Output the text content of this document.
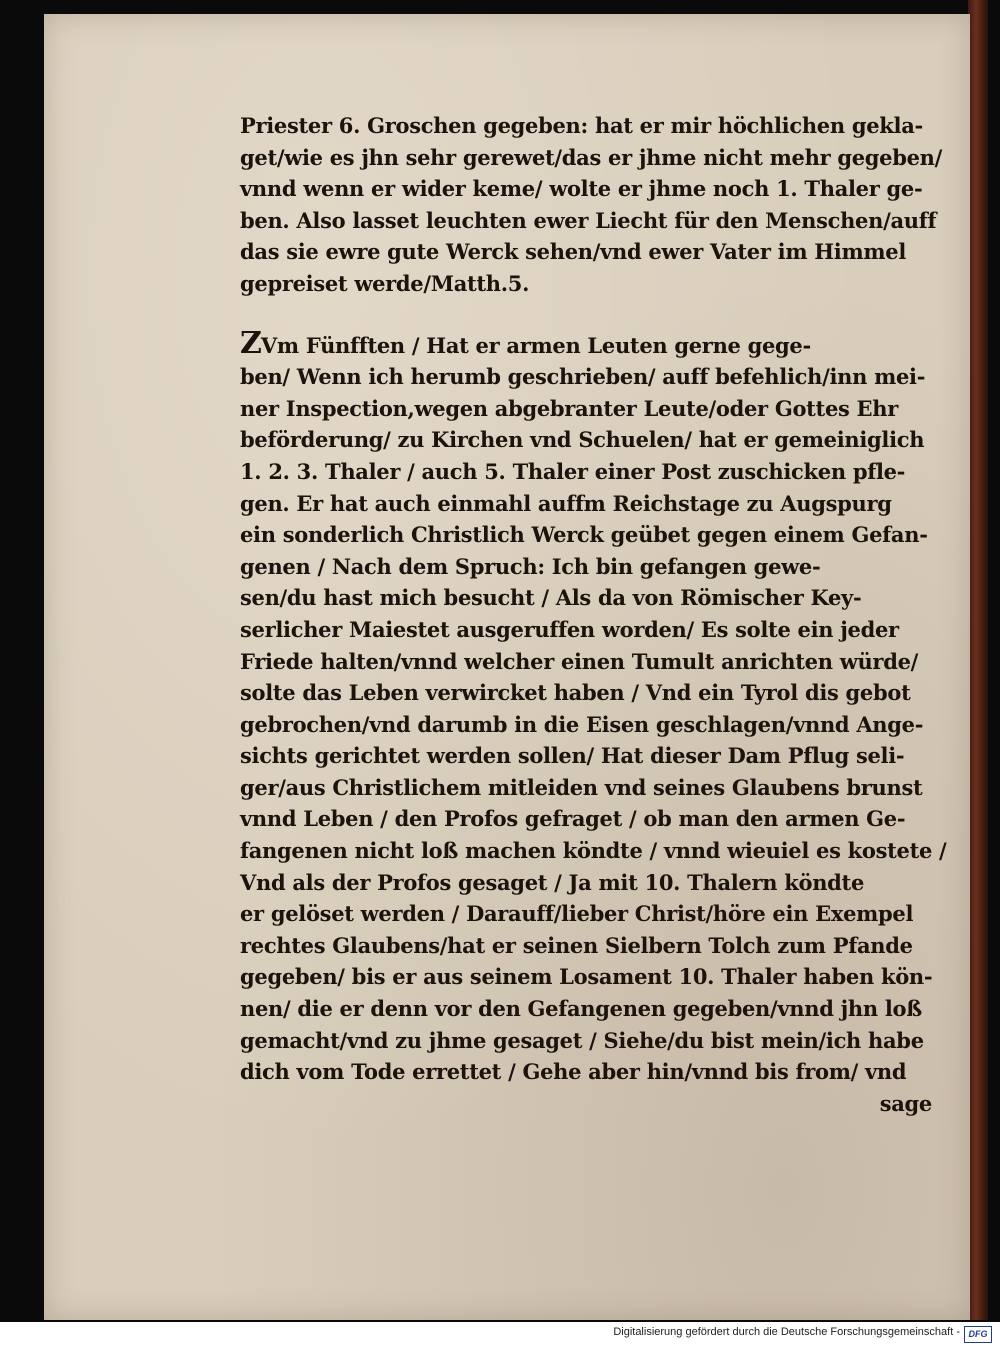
Priester 6. Groschen gegeben: hat er mir höchlichen gekla-
get/wie es jhn sehr gerewet/das er jhme nicht mehr gegeben/
vnnd wenn er wider keme/ wolte er jhme noch 1. Thaler ge-
ben. Also lasset leuchten ewer Liecht für den Menschen/auff
das sie ewre gute Werck sehen/vnd ewer Vater im Himmel
gepreiset werde/Matth.5.
ZVm Fünfften / Hat er armen Leuten gerne gege-
ben/ Wenn ich herumb geschrieben/ auff befehlich/inn mei-
ner Inspection,wegen abgebranter Leute/oder Gottes Ehr
beförderung/ zu Kirchen vnd Schuelen/ hat er gemeiniglich
1. 2. 3. Thaler / auch 5. Thaler einer Post zuschicken pfle-
gen. Er hat auch einmahl auffm Reichstage zu Augspurg
ein sonderlich Christlich Werck geübet gegen einem Gefan-
genen / Nach dem Spruch: Ich bin gefangen gewe-
sen/du hast mich besucht / Als da von Römischer Key-
serlicher Maiestet ausgeruffen worden/ Es solte ein jeder
Friede halten/vnnd welcher einen Tumult anrichten würde/
solte das Leben verwircket haben / Vnd ein Tyrol dis gebot
gebrochen/vnd darumb in die Eisen geschlagen/vnnd Ange-
sichts gerichtet werden sollen/ Hat dieser Dam Pflug seli-
ger/aus Christlichem mitleiden vnd seines Glaubens brunst
vnnd Leben / den Profos gefraget / ob man den armen Ge-
fangenen nicht loß machen köndte / vnnd wieuiel es kostete /
Vnd als der Profos gesaget / Ja mit 10. Thalern köndte
er gelöset werden / Darauff/lieber Christ/höre ein Exempel
rechtes Glaubens/hat er seinen Sielbern Tolch zum Pfande
gegeben/ bis er aus seinem Losament 10. Thaler haben kön-
nen/ die er denn vor den Gefangenen gegeben/vnnd jhn loß
gemacht/vnd zu jhme gesaget / Siehe/du bist mein/ich habe
dich vom Tode errettet / Gehe aber hin/vnnd bis from/ vnd
sage
Digitalisierung gefördert durch die Deutsche Forschungsgemeinschaft - DFG
